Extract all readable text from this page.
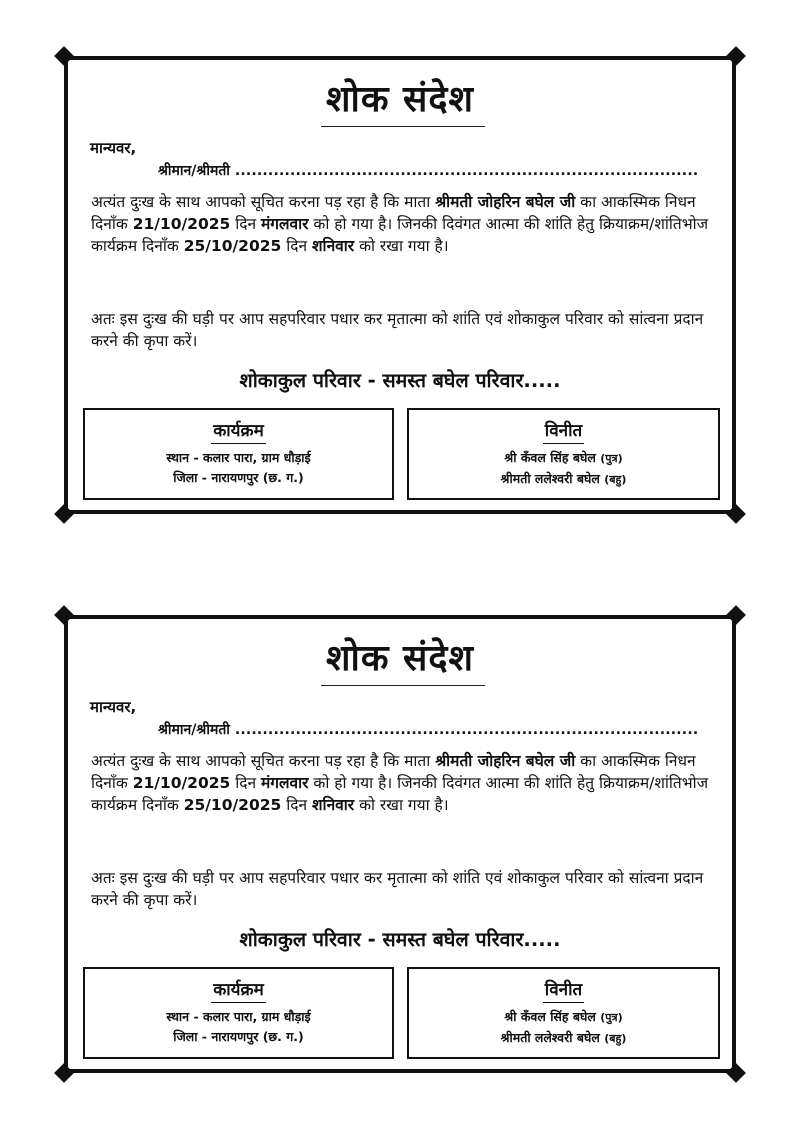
शोक संदेश
मान्यवर,
श्रीमान/श्रीमती ....................................................................................

अत्यंत दुःख के साथ आपको सूचित करना पड़ रहा है कि माता श्रीमती जोहरिन बघेल जी का आकस्मिक निधन दिनाँक 21/10/2025 दिन मंगलवार को हो गया है। जिनकी दिवंगत आत्मा की शांति हेतु क्रियाक्रम/शांतिभोज कार्यक्रम दिनाँक 25/10/2025 दिन शनिवार को रखा गया है।

अतः इस दुःख की घड़ी पर आप सहपरिवार पधार कर मृतात्मा को शांति एवं शोकाकुल परिवार को सांत्वना प्रदान करने की कृपा करें।

शोकाकुल परिवार - समस्त बघेल परिवार.....
कार्यक्रम
स्थान - कलार पारा, ग्राम धौड़ाई
जिला - नारायणपुर (छ. ग.)
विनीत
श्री कँवल सिंह बघेल (पुत्र)
श्रीमती ललेश्वरी बघेल (बहु)
शोक संदेश
मान्यवर,
श्रीमान/श्रीमती ....................................................................................

अत्यंत दुःख के साथ आपको सूचित करना पड़ रहा है कि माता श्रीमती जोहरिन बघेल जी का आकस्मिक निधन दिनाँक 21/10/2025 दिन मंगलवार को हो गया है। जिनकी दिवंगत आत्मा की शांति हेतु क्रियाक्रम/शांतिभोज कार्यक्रम दिनाँक 25/10/2025 दिन शनिवार को रखा गया है।

अतः इस दुःख की घड़ी पर आप सहपरिवार पधार कर मृतात्मा को शांति एवं शोकाकुल परिवार को सांत्वना प्रदान करने की कृपा करें।

शोकाकुल परिवार - समस्त बघेल परिवार.....
कार्यक्रम
स्थान - कलार पारा, ग्राम धौड़ाई
जिला - नारायणपुर (छ. ग.)
विनीत
श्री कँवल सिंह बघेल (पुत्र)
श्रीमती ललेश्वरी बघेल (बहु)
